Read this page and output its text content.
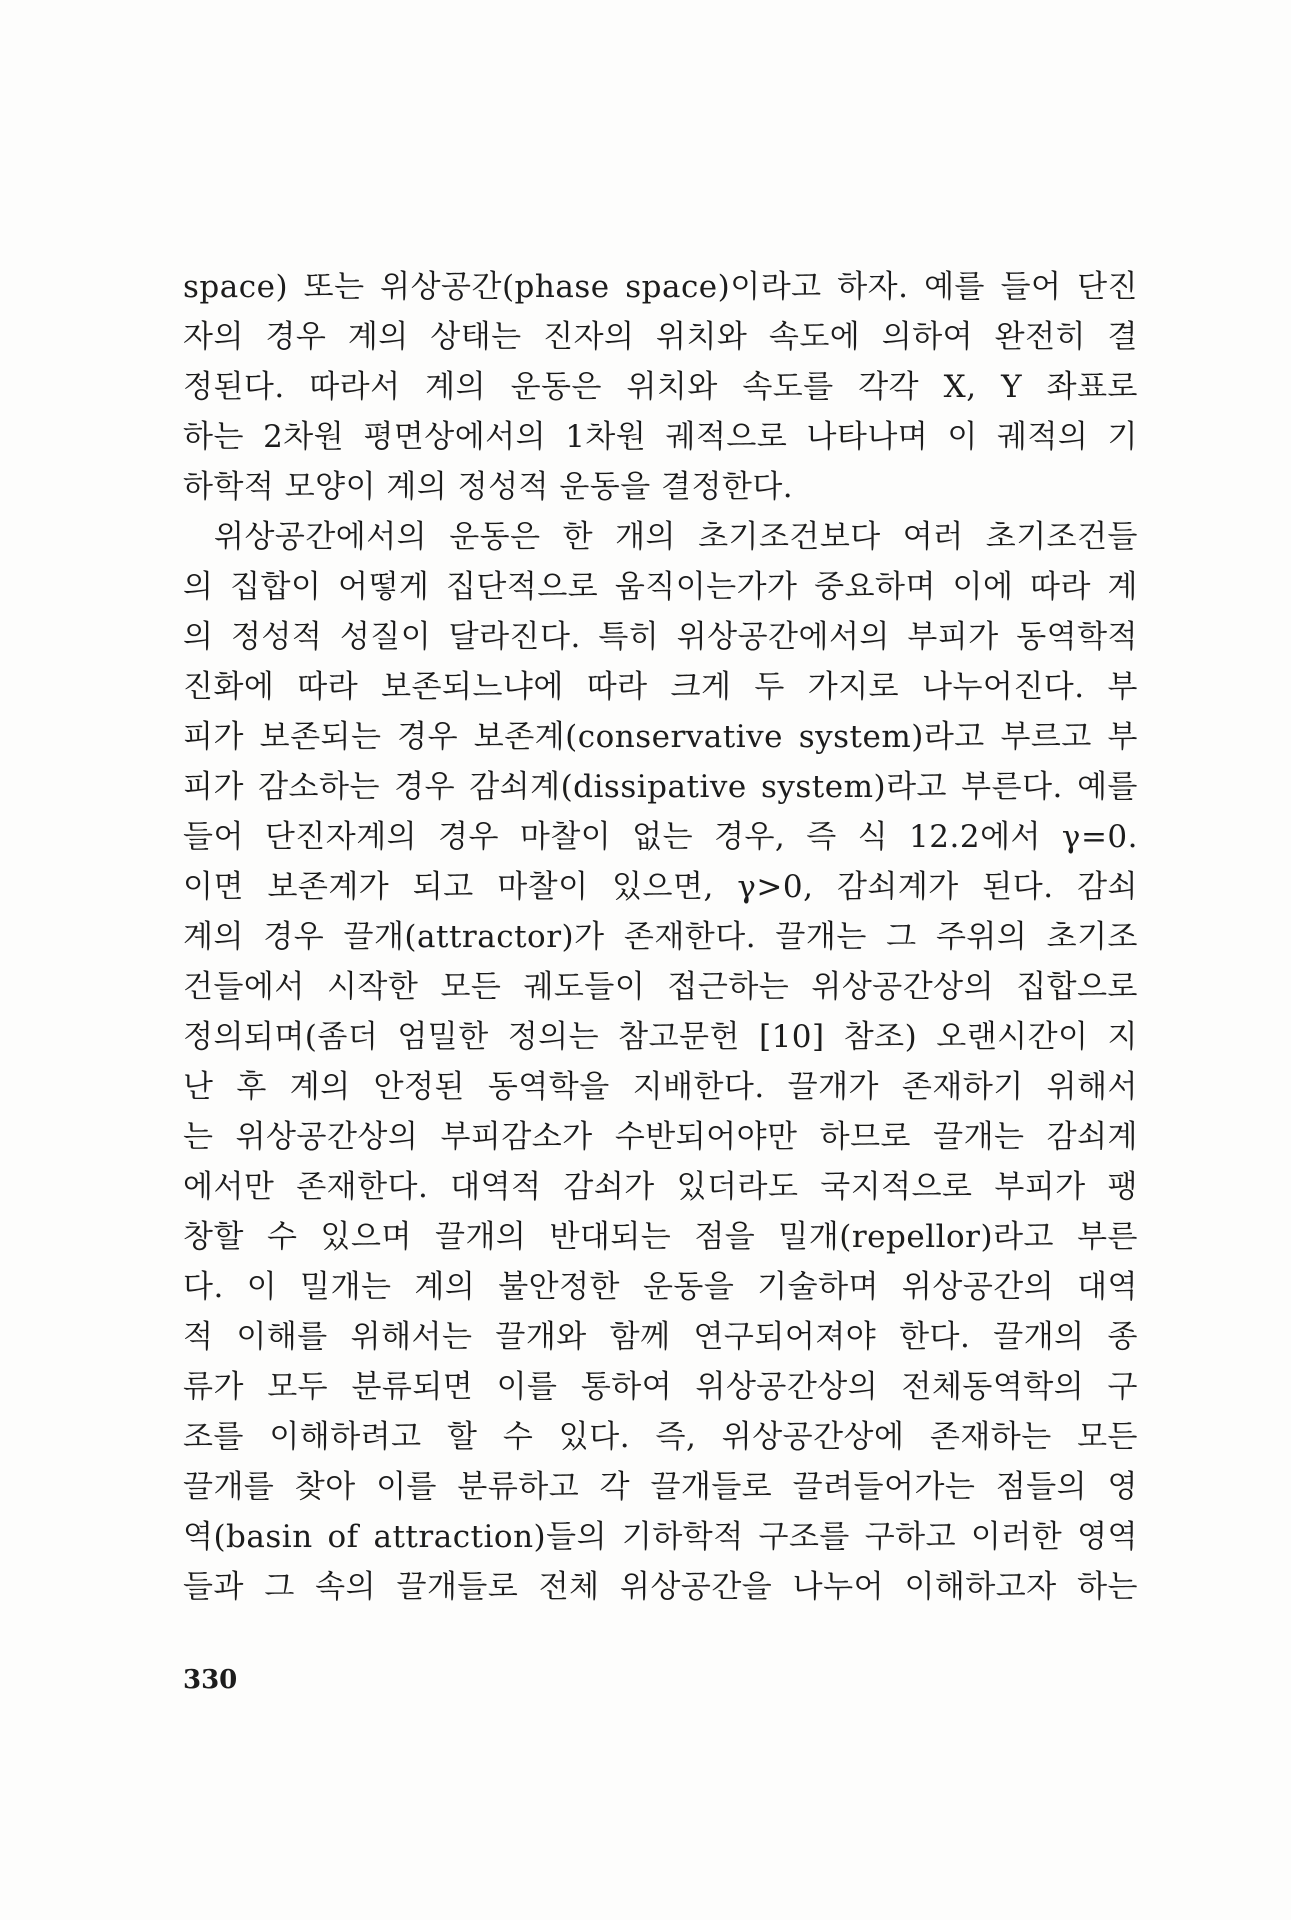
space) 또는 위상공간(phase space)이라고 하자. 예를 들어 단진
자의 경우 계의 상태는 진자의 위치와 속도에 의하여 완전히 결
정된다. 따라서 계의 운동은 위치와 속도를 각각 X, Y 좌표로
하는 2차원 평면상에서의 1차원 궤적으로 나타나며 이 궤적의 기
하학적 모양이 계의 정성적 운동을 결정한다.
위상공간에서의 운동은 한 개의 초기조건보다 여러 초기조건들
의 집합이 어떻게 집단적으로 움직이는가가 중요하며 이에 따라 계
의 정성적 성질이 달라진다. 특히 위상공간에서의 부피가 동역학적
진화에 따라 보존되느냐에 따라 크게 두 가지로 나누어진다. 부
피가 보존되는 경우 보존계(conservative system)라고 부르고 부
피가 감소하는 경우 감쇠계(dissipative system)라고 부른다. 예를
들어 단진자계의 경우 마찰이 없는 경우, 즉 식 12.2에서 γ=0.
이면 보존계가 되고 마찰이 있으면, γ>0, 감쇠계가 된다. 감쇠
계의 경우 끌개(attractor)가 존재한다. 끌개는 그 주위의 초기조
건들에서 시작한 모든 궤도들이 접근하는 위상공간상의 집합으로
정의되며(좀더 엄밀한 정의는 참고문헌 [10] 참조) 오랜시간이 지
난 후 계의 안정된 동역학을 지배한다. 끌개가 존재하기 위해서
는 위상공간상의 부피감소가 수반되어야만 하므로 끌개는 감쇠계
에서만 존재한다. 대역적 감쇠가 있더라도 국지적으로 부피가 팽
창할 수 있으며 끌개의 반대되는 점을 밀개(repellor)라고 부른
다. 이 밀개는 계의 불안정한 운동을 기술하며 위상공간의 대역
적 이해를 위해서는 끌개와 함께 연구되어져야 한다. 끌개의 종
류가 모두 분류되면 이를 통하여 위상공간상의 전체동역학의 구
조를 이해하려고 할 수 있다. 즉, 위상공간상에 존재하는 모든
끌개를 찾아 이를 분류하고 각 끌개들로 끌려들어가는 점들의 영
역(basin of attraction)들의 기하학적 구조를 구하고 이러한 영역
들과 그 속의 끌개들로 전체 위상공간을 나누어 이해하고자 하는
330
